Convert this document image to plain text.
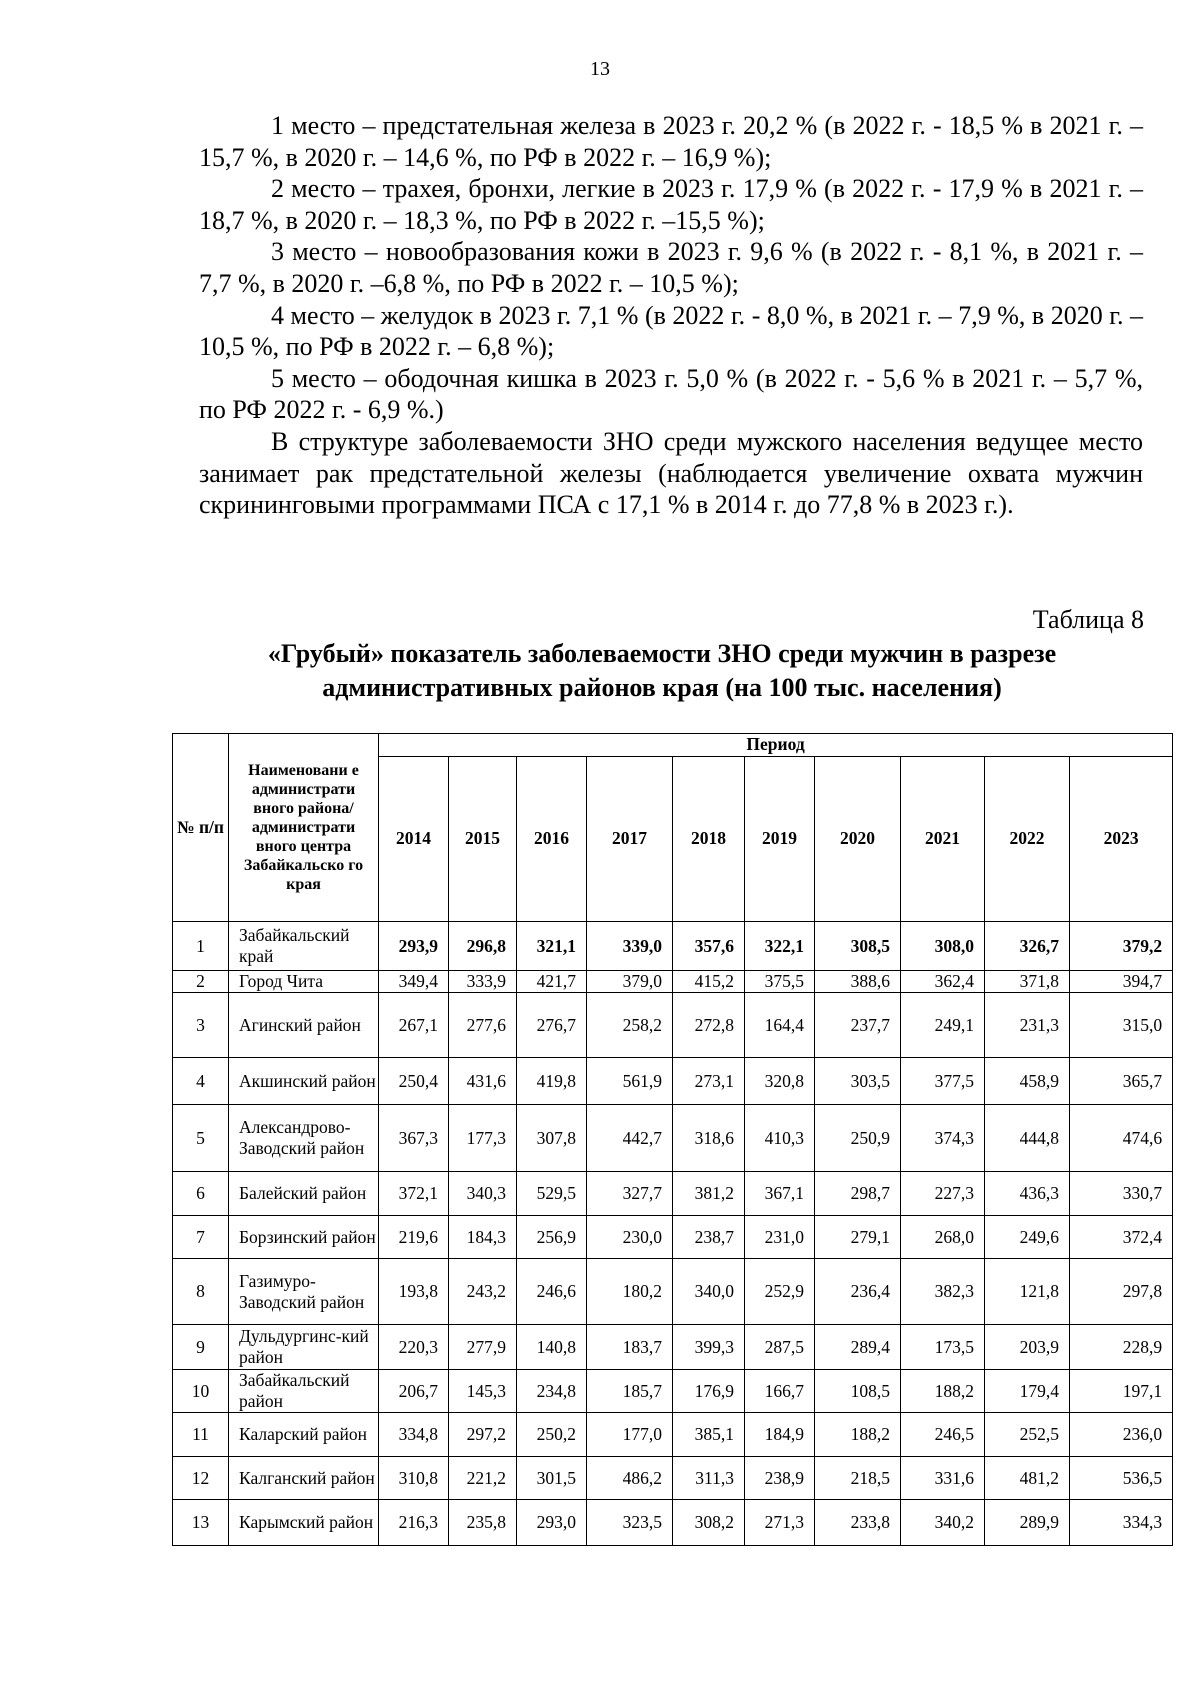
13

1 место – предстательная железа в 2023 г. 20,2 % (в 2022 г. - 18,5 % в 2021 г. – 15,7 %, в 2020 г. – 14,6 %, по РФ в 2022 г. – 16,9 %);

2 место – трахея, бронхи, легкие в 2023 г. 17,9 % (в 2022 г. - 17,9 % в 2021 г. – 18,7 %, в 2020 г. – 18,3 %, по РФ в 2022 г. –15,5 %);

3 место – новообразования кожи в 2023 г. 9,6 % (в 2022 г. - 8,1 %, в 2021 г. – 7,7 %, в 2020 г. –6,8 %, по РФ в 2022 г. – 10,5 %);

4 место – желудок в 2023 г. 7,1 % (в 2022 г. - 8,0 %, в 2021 г. – 7,9 %, в 2020 г. – 10,5 %, по РФ в 2022 г. – 6,8 %);

5 место – ободочная кишка в 2023 г. 5,0 % (в 2022 г. - 5,6 % в 2021 г. – 5,7 %, по РФ 2022 г. - 6,9 %.)

В структуре заболеваемости ЗНО среди мужского населения ведущее место занимает рак предстательной железы (наблюдается увеличение охвата мужчин скрининговыми программами ПСА с 17,1 % в 2014 г. до 77,8 % в 2023 г.).

Таблица 8
«Грубый» показатель заболеваемости ЗНО среди мужчин в разрезе
административных районов края (на 100 тыс. населения)
№ п/п	Наименовани е администрати вного района/ администрати вного центра Забайкальско го края	Период									
		2014	2015	2016	2017	2018	2019	2020	2021	2022	2023
1	Забайкальский край	293,9	296,8	321,1	339,0	357,6	322,1	308,5	308,0	326,7	379,2
2	Город Чита	349,4	333,9	421,7	379,0	415,2	375,5	388,6	362,4	371,8	394,7
3	Агинский район	267,1	277,6	276,7	258,2	272,8	164,4	237,7	249,1	231,3	315,0
4	Акшинский район	250,4	431,6	419,8	561,9	273,1	320,8	303,5	377,5	458,9	365,7
5	Александрово-Заводский район	367,3	177,3	307,8	442,7	318,6	410,3	250,9	374,3	444,8	474,6
6	Балейский район	372,1	340,3	529,5	327,7	381,2	367,1	298,7	227,3	436,3	330,7
7	Борзинский район	219,6	184,3	256,9	230,0	238,7	231,0	279,1	268,0	249,6	372,4
8	Газимуро-Заводский район	193,8	243,2	246,6	180,2	340,0	252,9	236,4	382,3	121,8	297,8
9	Дульдургинс-кий район	220,3	277,9	140,8	183,7	399,3	287,5	289,4	173,5	203,9	228,9
10	Забайкальский район	206,7	145,3	234,8	185,7	176,9	166,7	108,5	188,2	179,4	197,1
11	Каларский район	334,8	297,2	250,2	177,0	385,1	184,9	188,2	246,5	252,5	236,0
12	Калганский район	310,8	221,2	301,5	486,2	311,3	238,9	218,5	331,6	481,2	536,5
13	Карымский район	216,3	235,8	293,0	323,5	308,2	271,3	233,8	340,2	289,9	334,3
